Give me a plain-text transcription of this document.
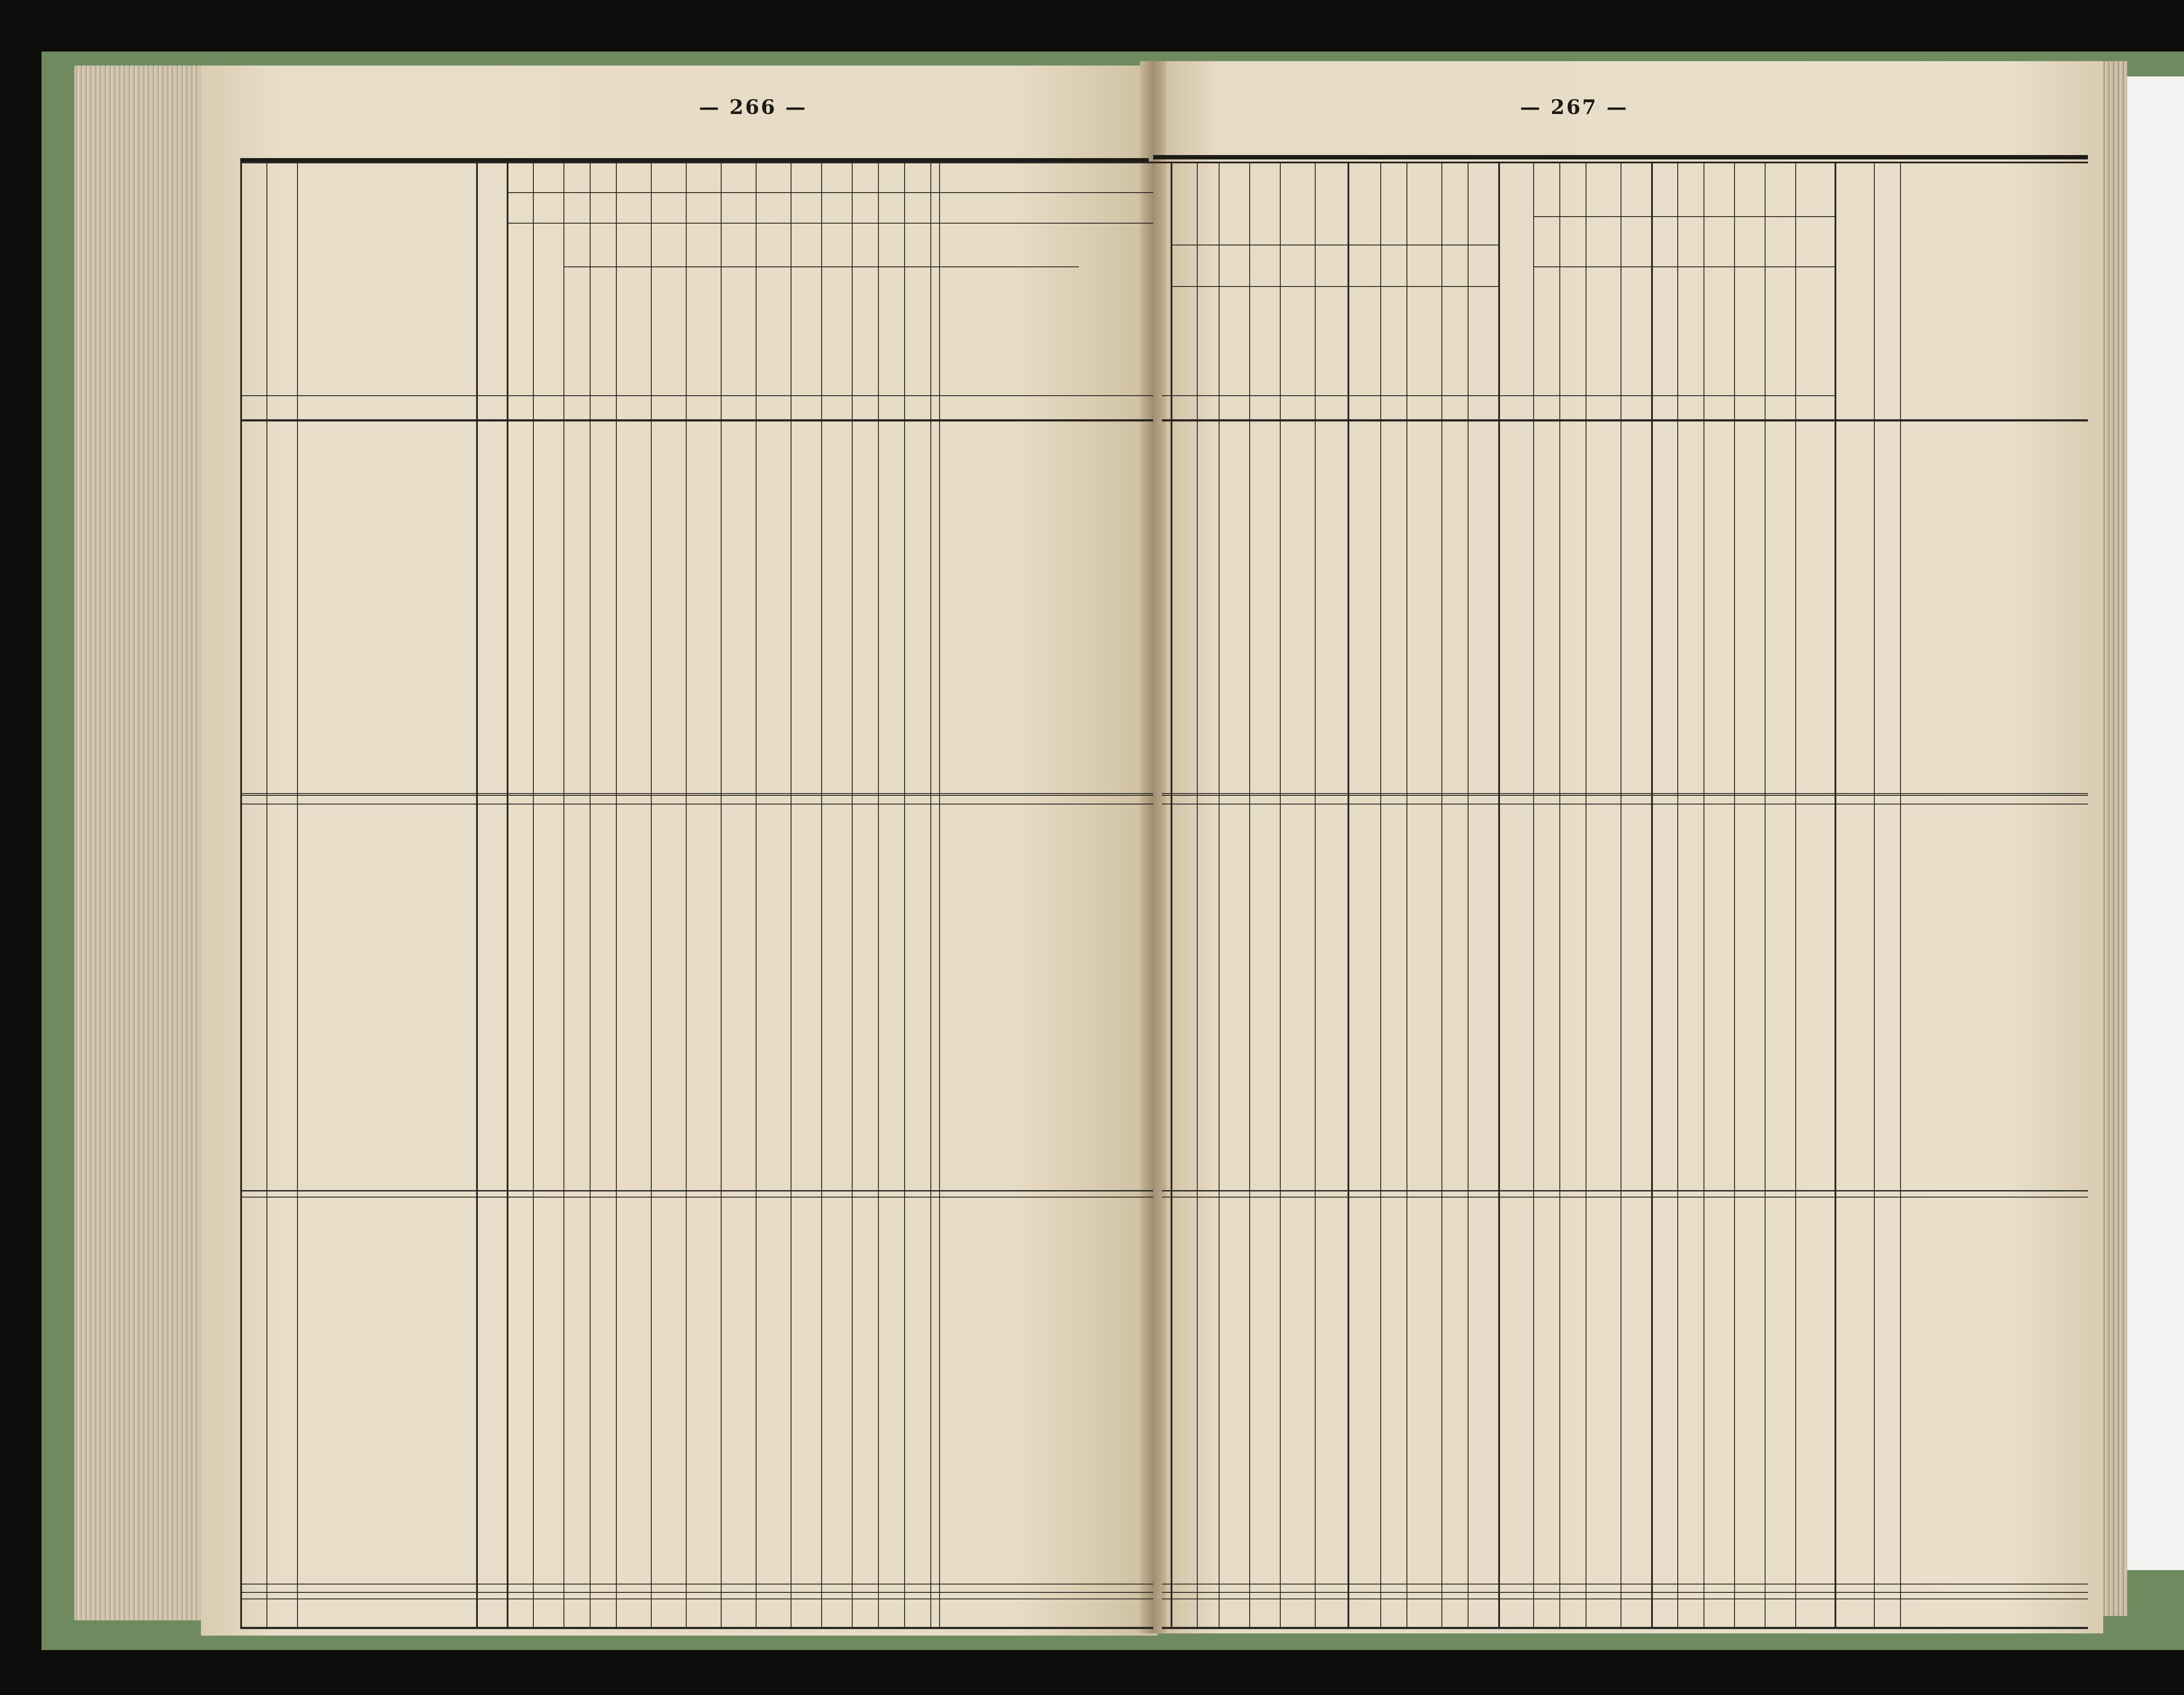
— 266 —	— 267 —
